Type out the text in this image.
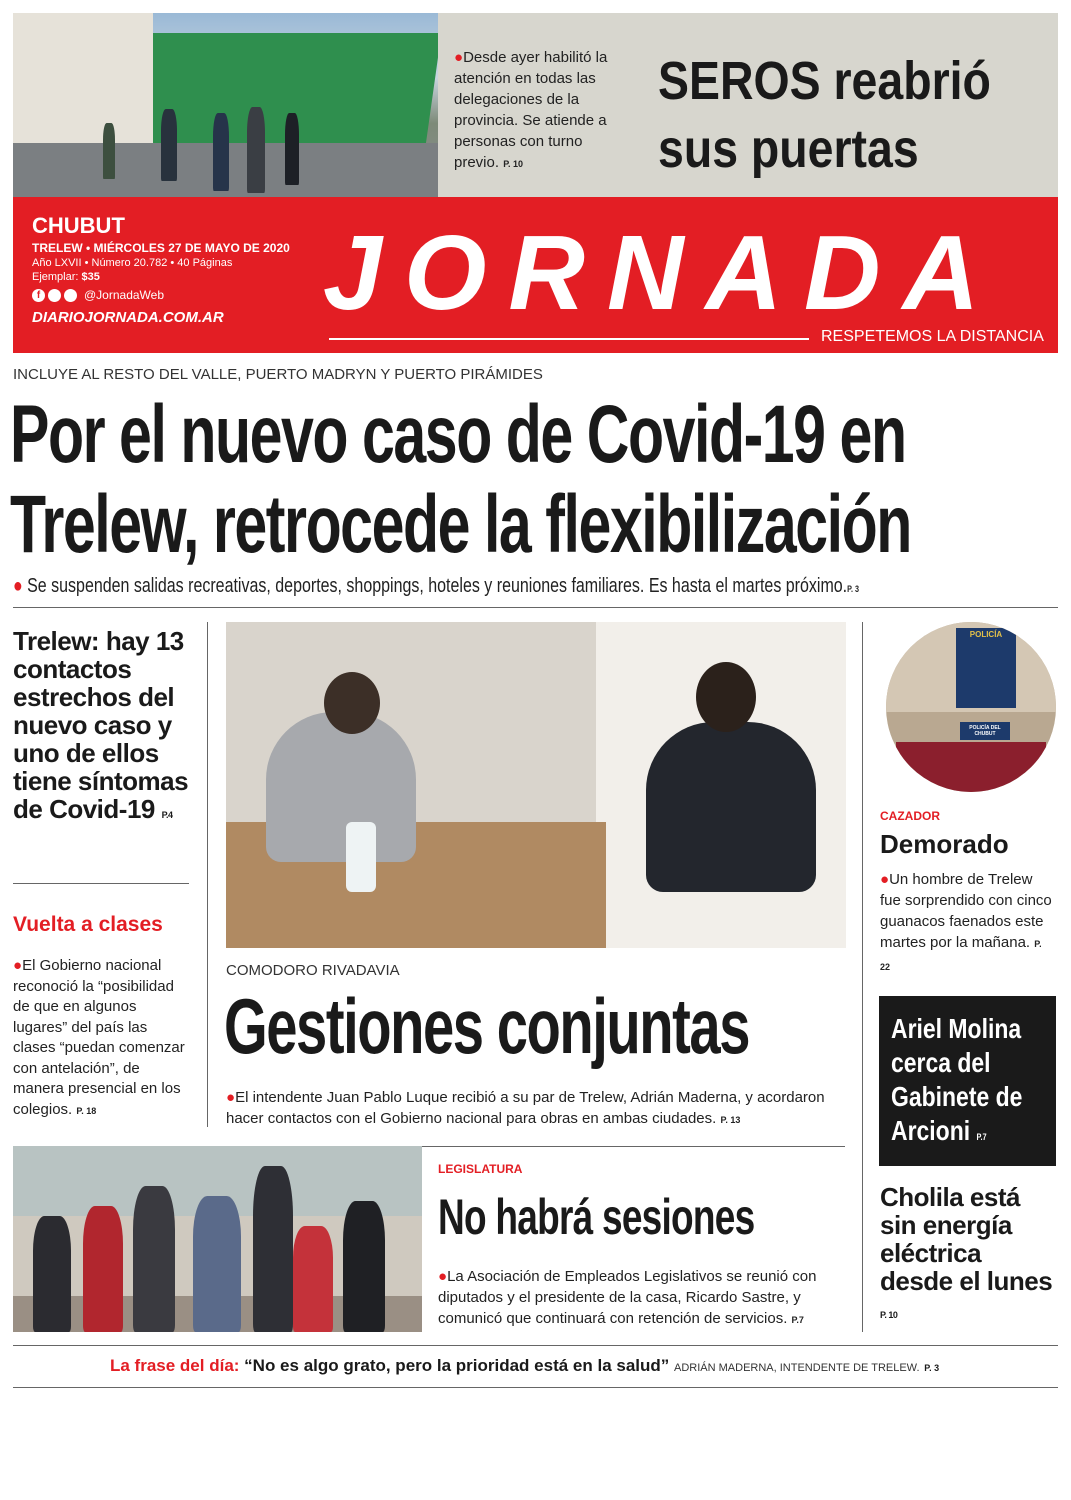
●Desde ayer habilitó la atención en todas las delegaciones de la provincia. Se atiende a personas con turno previo. P. 10
SEROS reabrió sus puertas
CHUBUT
TRELEW • MIÉRCOLES 27 DE MAYO DE 2020
Año LXVII • Número 20.782 • 40 Páginas
Ejemplar: $35
f	@JornadaWeb
DIARIOJORNADA.COM.AR JORNADA
RESPETEMOS LA DISTANCIA
INCLUYE AL RESTO DEL VALLE, PUERTO MADRYN Y PUERTO PIRÁMIDES
Por el nuevo caso de Covid-19 en
Trelew, retrocede la flexibilización
● Se suspenden salidas recreativas, deportes, shoppings, hoteles y reuniones familiares. Es hasta el martes próximo.P. 3
Trelew: hay 13 contactos estrechos del nuevo caso y uno de ellos tiene síntomas de Covid-19 P.4
Vuelta a clases
●El Gobierno nacional reconoció la “posibilidad de que en algunos lugares” del país las clases “puedan comenzar con antelación”, de manera presencial en los colegios. P. 18
COMODORO RIVADAVIA
Gestiones conjuntas
●El intendente Juan Pablo Luque recibió a su par de Trelew, Adrián Maderna, y acordaron hacer contactos con el Gobierno nacional para obras en ambas ciudades. P. 13
POLICÍA
POLICÍA DEL CHUBUT
CAZADOR
Demorado
●Un hombre de Trelew fue sorprendido con cinco guanacos faenados este martes por la mañana. P. 22
Ariel Molina cerca del Gabinete de Arcioni P.7
Cholila está sin energía eléctrica desde el lunes P. 10
LEGISLATURA
No habrá sesiones
●La Asociación de Empleados Legislativos se reunió con diputados y el presidente de la casa, Ricardo Sastre, y comunicó que continuará con retención de servicios. P.7
La frase del día: “No es algo grato, pero la prioridad está en la salud” ADRIÁN MADERNA, INTENDENTE DE TRELEW. P. 3
